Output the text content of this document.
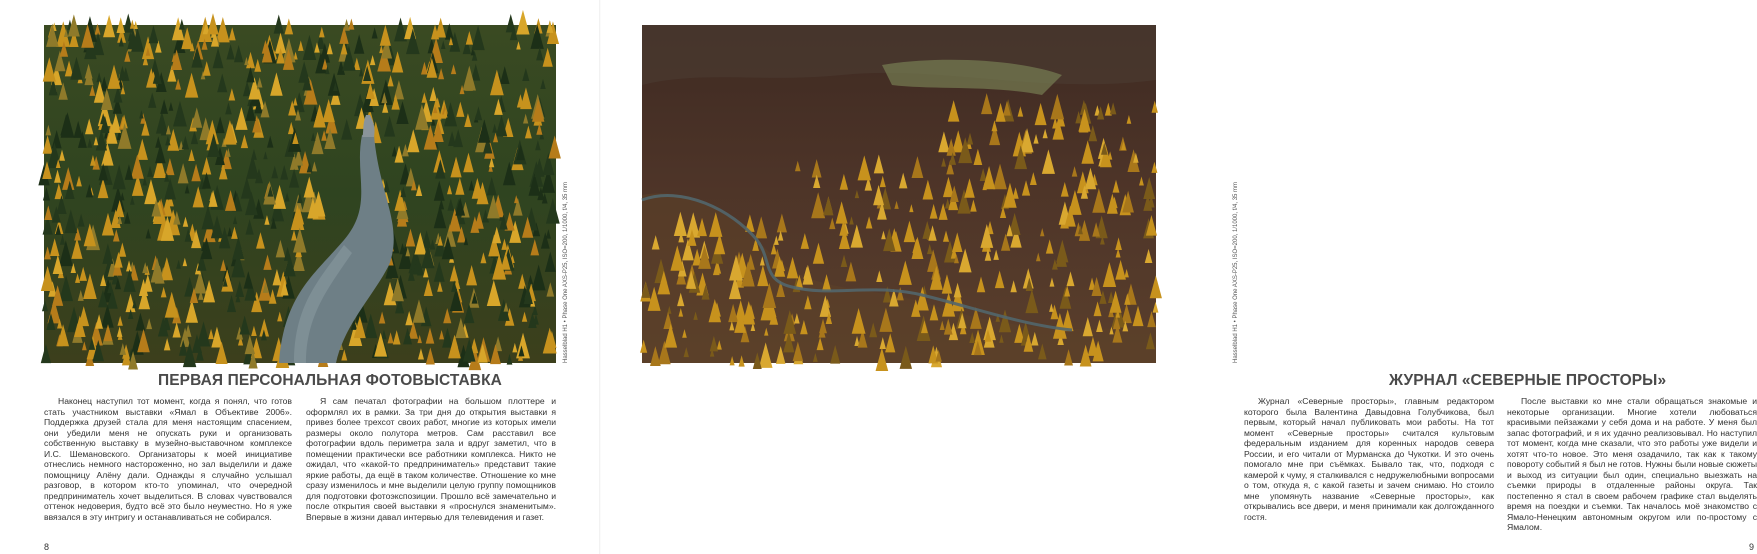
Hasselblad H1 • Phase One AXS-P25, ISO=200, 1/1000, f/4, 35 mm
ПЕРВАЯ ПЕРСОНАЛЬНАЯ ФОТОВЫСТАВКА

Наконец наступил тот момент, когда я понял, что готов стать участником выставки «Ямал в Объективе 2006». Поддержка друзей стала для меня настоящим спасением, они убедили меня не опускать руки и организовать собственную выставку в музейно-выставочном комплексе И.С. Шемановского. Организаторы к моей инициативе отнеслись немного настороженно, но зал выделили и даже помощницу Алёну дали. Однажды я случайно услышал разговор, в котором кто-то упоминал, что очередной предприниматель хочет выделиться. В словах чувствовался оттенок недоверия, будто всё это было неуместно. Но я уже ввязался в эту интригу и останавливаться не собирался.

Я сам печатал фотографии на большом плоттере и оформлял их в рамки. За три дня до открытия выставки я привез более трехсот своих работ, многие из которых имели размеры около полутора метров. Сам расставил все фотографии вдоль периметра зала и вдруг заметил, что в помещении практически все работники комплекса. Никто не ожидал, что «какой-то предприниматель» представит такие яркие работы, да ещё в таком количестве. Отношение ко мне сразу изменилось и мне выделили целую группу помощников для подготовки фотоэкспозиции. Прошло всё замечательно и после открытия своей выставки я «проснулся знаменитым». Впервые в жизни давал интервью для телевидения и газет.

8
Hasselblad H1 • Phase One AXS-P25, ISO=200, 1/1000, f/4, 35 mm
ЖУРНАЛ «СЕВЕРНЫЕ ПРОСТОРЫ»

Журнал «Северные просторы», главным редактором которого была Валентина Давыдовна Голубчикова, был первым, который начал публиковать мои работы. На тот момент «Северные просторы» считался культовым федеральным изданием для коренных народов севера России, и его читали от Мурманска до Чукотки. И это очень помогало мне при съёмках. Бывало так, что, подходя с камерой к чуму, я сталкивался с недружелюбными вопросами о том, откуда я, с какой газеты и зачем снимаю. Но стоило мне упомянуть название «Северные просторы», как открывались все двери, и меня принимали как долгожданного гостя.

После выставки ко мне стали обращаться знакомые и некоторые организации. Многие хотели любоваться красивыми пейзажами у себя дома и на работе. У меня был запас фотографий, и я их удачно реализовывал. Но наступил тот момент, когда мне сказали, что это работы уже видели и хотят что-то новое. Это меня озадачило, так как к такому повороту событий я был не готов. Нужны были новые сюжеты и выход из ситуации был один, специально выезжать на съемки природы в отдаленные районы округа. Так постепенно я стал в своем рабочем графике стал выделять время на поездки и съемки. Так началось моё знакомство с Ямало-Ненецким автономным округом или по-простому с Ямалом.

9
